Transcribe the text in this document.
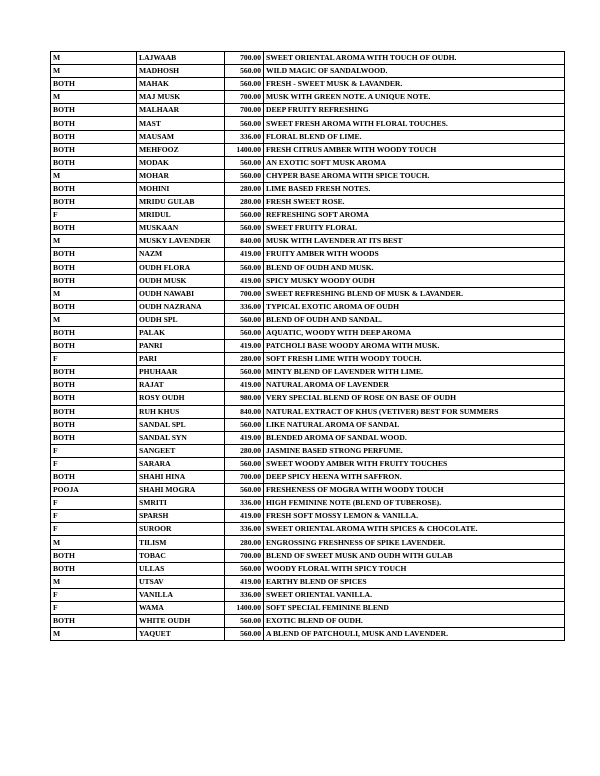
M	LAJWAAB	700.00	SWEET ORIENTAL AROMA WITH TOUCH OF OUDH.
M	MADHOSH	560.00	WILD MAGIC OF SANDALWOOD.
BOTH	MAHAK	560.00	FRESH - SWEET MUSK & LAVANDER.
M	MAJ MUSK	700.00	MUSK WITH GREEN NOTE. A UNIQUE NOTE.
BOTH	MALHAAR	700.00	DEEP FRUITY REFRESHING
BOTH	MAST	560.00	SWEET FRESH AROMA WITH FLORAL TOUCHES.
BOTH	MAUSAM	336.00	FLORAL BLEND OF LIME.
BOTH	MEHFOOZ	1400.00	FRESH CITRUS AMBER WITH WOODY TOUCH
BOTH	MODAK	560.00	AN EXOTIC SOFT MUSK AROMA
M	MOHAR	560.00	CHYPER BASE AROMA WITH SPICE TOUCH.
BOTH	MOHINI	280.00	LIME BASED FRESH NOTES.
BOTH	MRIDU GULAB	280.00	FRESH SWEET ROSE.
F	MRIDUL	560.00	REFRESHING SOFT AROMA
BOTH	MUSKAAN	560.00	SWEET FRUITY FLORAL
M	MUSKY LAVENDER	840.00	MUSK WITH LAVENDER AT ITS BEST
BOTH	NAZM	419.00	FRUITY AMBER WITH WOODS
BOTH	OUDH FLORA	560.00	BLEND OF OUDH AND MUSK.
BOTH	OUDH MUSK	419.00	SPICY MUSKY WOODY OUDH
M	OUDH NAWABI	700.00	SWEET REFRESHING BLEND OF MUSK & LAVANDER.
BOTH	OUDH NAZRANA	336.00	TYPICAL EXOTIC AROMA OF OUDH
M	OUDH SPL	560.00	BLEND OF OUDH AND SANDAL.
BOTH	PALAK	560.00	AQUATIC, WOODY WITH DEEP AROMA
BOTH	PANRI	419.00	PATCHOLI BASE WOODY AROMA WITH MUSK.
F	PARI	280.00	SOFT FRESH LIME WITH WOODY TOUCH.
BOTH	PHUHAAR	560.00	MINTY BLEND OF LAVENDER WITH LIME.
BOTH	RAJAT	419.00	NATURAL AROMA OF LAVENDER
BOTH	ROSY OUDH	980.00	VERY SPECIAL BLEND OF ROSE ON BASE OF OUDH
BOTH	RUH KHUS	840.00	NATURAL EXTRACT OF KHUS (VETIVER) BEST FOR SUMMERS
BOTH	SANDAL SPL	560.00	LIKE NATURAL AROMA OF SANDAL
BOTH	SANDAL SYN	419.00	BLENDED AROMA OF SANDAL WOOD.
F	SANGEET	280.00	JASMINE BASED STRONG PERFUME.
F	SARARA	560.00	SWEET WOODY AMBER WITH FRUITY TOUCHES
BOTH	SHAHI HINA	700.00	DEEP SPICY HEENA WITH SAFFRON.
POOJA	SHAHI MOGRA	560.00	FRESHENESS OF MOGRA WITH WOODY TOUCH
F	SMRITI	336.00	HIGH FEMININE NOTE (BLEND OF TUBEROSE).
F	SPARSH	419.00	FRESH SOFT MOSSY LEMON & VANILLA.
F	SUROOR	336.00	SWEET ORIENTAL AROMA WITH SPICES & CHOCOLATE.
M	TILISM	280.00	ENGROSSING FRESHNESS OF SPIKE LAVENDER.
BOTH	TOBAC	700.00	BLEND OF SWEET MUSK AND OUDH WITH GULAB
BOTH	ULLAS	560.00	WOODY FLORAL WITH SPICY TOUCH
M	UTSAV	419.00	EARTHY BLEND OF SPICES
F	VANILLA	336.00	SWEET ORIENTAL VANILLA.
F	WAMA	1400.00	SOFT SPECIAL FEMININE BLEND
BOTH	WHITE OUDH	560.00	EXOTIC BLEND OF OUDH.
M	YAQUET	560.00	A BLEND OF PATCHOULI, MUSK AND LAVENDER.
